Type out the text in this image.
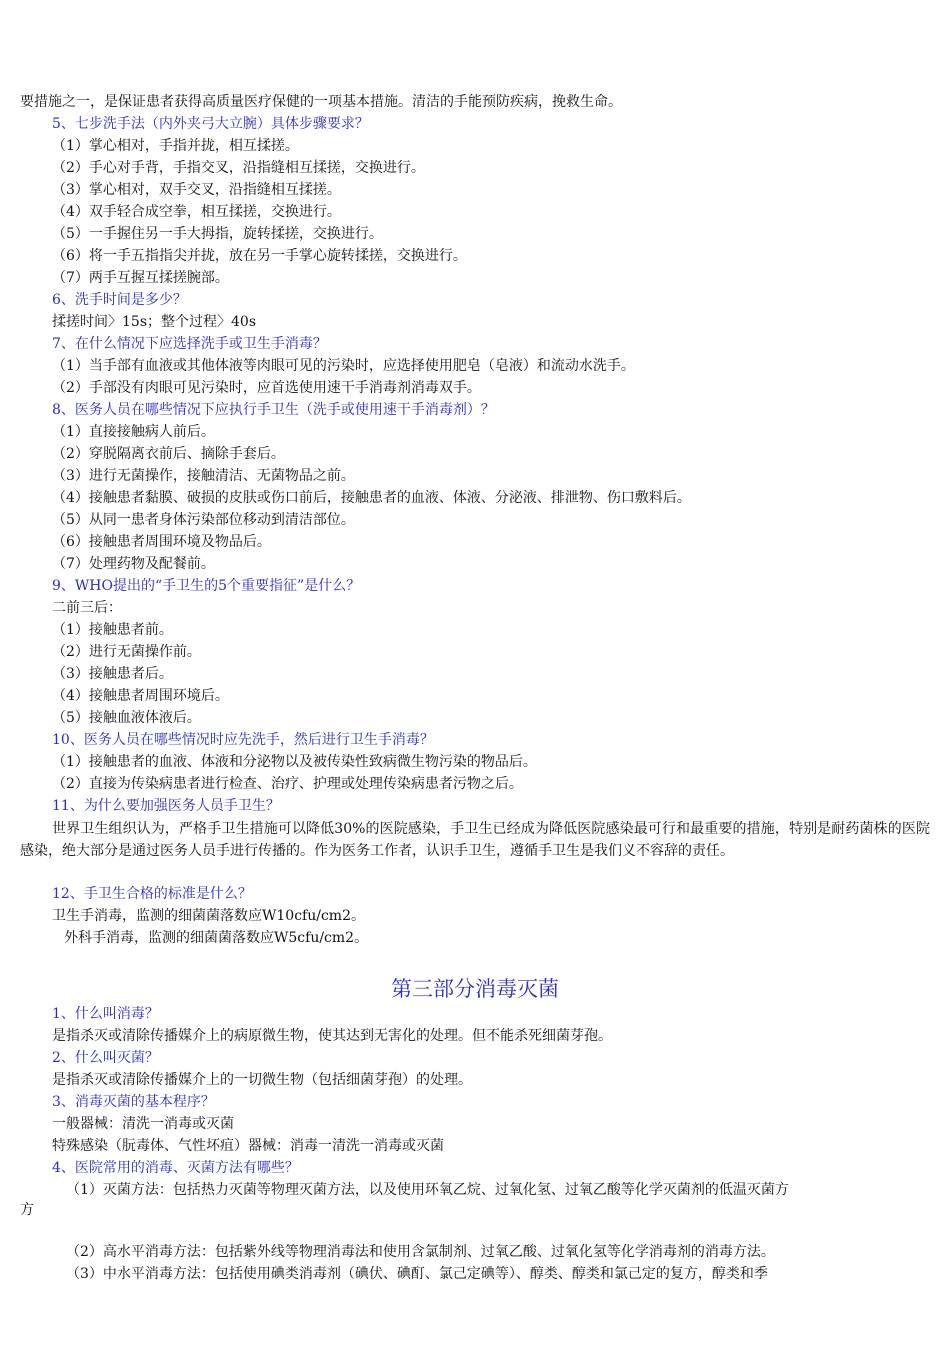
要措施之一，是保证患者获得高质量医疗保健的一项基本措施。清洁的手能预防疾病，挽救生命。
5、七步洗手法（内外夹弓大立腕）具体步骤要求？
（1）掌心相对，手指并拢，相互揉搓。
（2）手心对手背，手指交叉，沿指缝相互揉搓，交换进行。
（3）掌心相对，双手交叉，沿指缝相互揉搓。
（4）双手轻合成空拳，相互揉搓，交换进行。
（5）一手握住另一手大拇指，旋转揉搓，交换进行。
（6）将一手五指指尖并拢，放在另一手掌心旋转揉搓，交换进行。
（7）两手互握互揉搓腕部。
6、洗手时间是多少？
揉搓时间〉15s；整个过程〉40s
7、在什么情况下应选择洗手或卫生手消毒？
（1）当手部有血液或其他体液等肉眼可见的污染时，应选择使用肥皂（皂液）和流动水洗手。
（2）手部没有肉眼可见污染时，应首选使用速干手消毒剂消毒双手。
8、医务人员在哪些情况下应执行手卫生（洗手或使用速干手消毒剂）？
（1）直接接触病人前后。
（2）穿脱隔离衣前后、摘除手套后。
（3）进行无菌操作，接触清洁、无菌物品之前。
（4）接触患者黏膜、破损的皮肤或伤口前后，接触患者的血液、体液、分泌液、排泄物、伤口敷料后。
（5）从同一患者身体污染部位移动到清洁部位。
（6）接触患者周围环境及物品后。
（7）处理药物及配餐前。
9、WHO提出的“手卫生的5个重要指征”是什么？
二前三后：
（1）接触患者前。
（2）进行无菌操作前。
（3）接触患者后。
（4）接触患者周围环境后。
（5）接触血液体液后。
10、医务人员在哪些情况时应先洗手，然后进行卫生手消毒？
（1）接触患者的血液、体液和分泌物以及被传染性致病微生物污染的物品后。
（2）直接为传染病患者进行检查、治疗、护理或处理传染病患者污物之后。
11、为什么要加强医务人员手卫生？
世界卫生组织认为，严格手卫生措施可以降低30%的医院感染，手卫生已经成为降低医院感染最可行和最重要的措施，特别是耐药菌株的医院感染，绝大部分是通过医务人员手进行传播的。作为医务工作者，认识手卫生，遵循手卫生是我们义不容辞的责任。
12、手卫生合格的标准是什么？
卫生手消毒，监测的细菌菌落数应W10cfu/cm2。
外科手消毒，监测的细菌菌落数应W5cfu/cm2。
第三部分消毒灭菌
1、什么叫消毒？
是指杀灭或清除传播媒介上的病原微生物，使其达到无害化的处理。但不能杀死细菌芽孢。
2、什么叫灭菌？
是指杀灭或清除传播媒介上的一切微生物（包括细菌芽孢）的处理。
3、消毒灭菌的基本程序？
一般器械：清洗一消毒或灭菌
特殊感染（朊毒体、气性坏疽）器械：消毒一清洗一消毒或灭菌
4、医院常用的消毒、灭菌方法有哪些？
（1）灭菌方法：包括热力灭菌等物理灭菌方法，以及使用环氧乙烷、过氧化氢、过氧乙酸等化学灭菌剂的低温灭菌方
方
（2）高水平消毒方法：包括紫外线等物理消毒法和使用含氯制剂、过氧乙酸、过氧化氢等化学消毒剂的消毒方法。
（3）中水平消毒方法：包括使用碘类消毒剂（碘伏、碘酊、氯己定碘等）、醇类、醇类和氯己定的复方，醇类和季
